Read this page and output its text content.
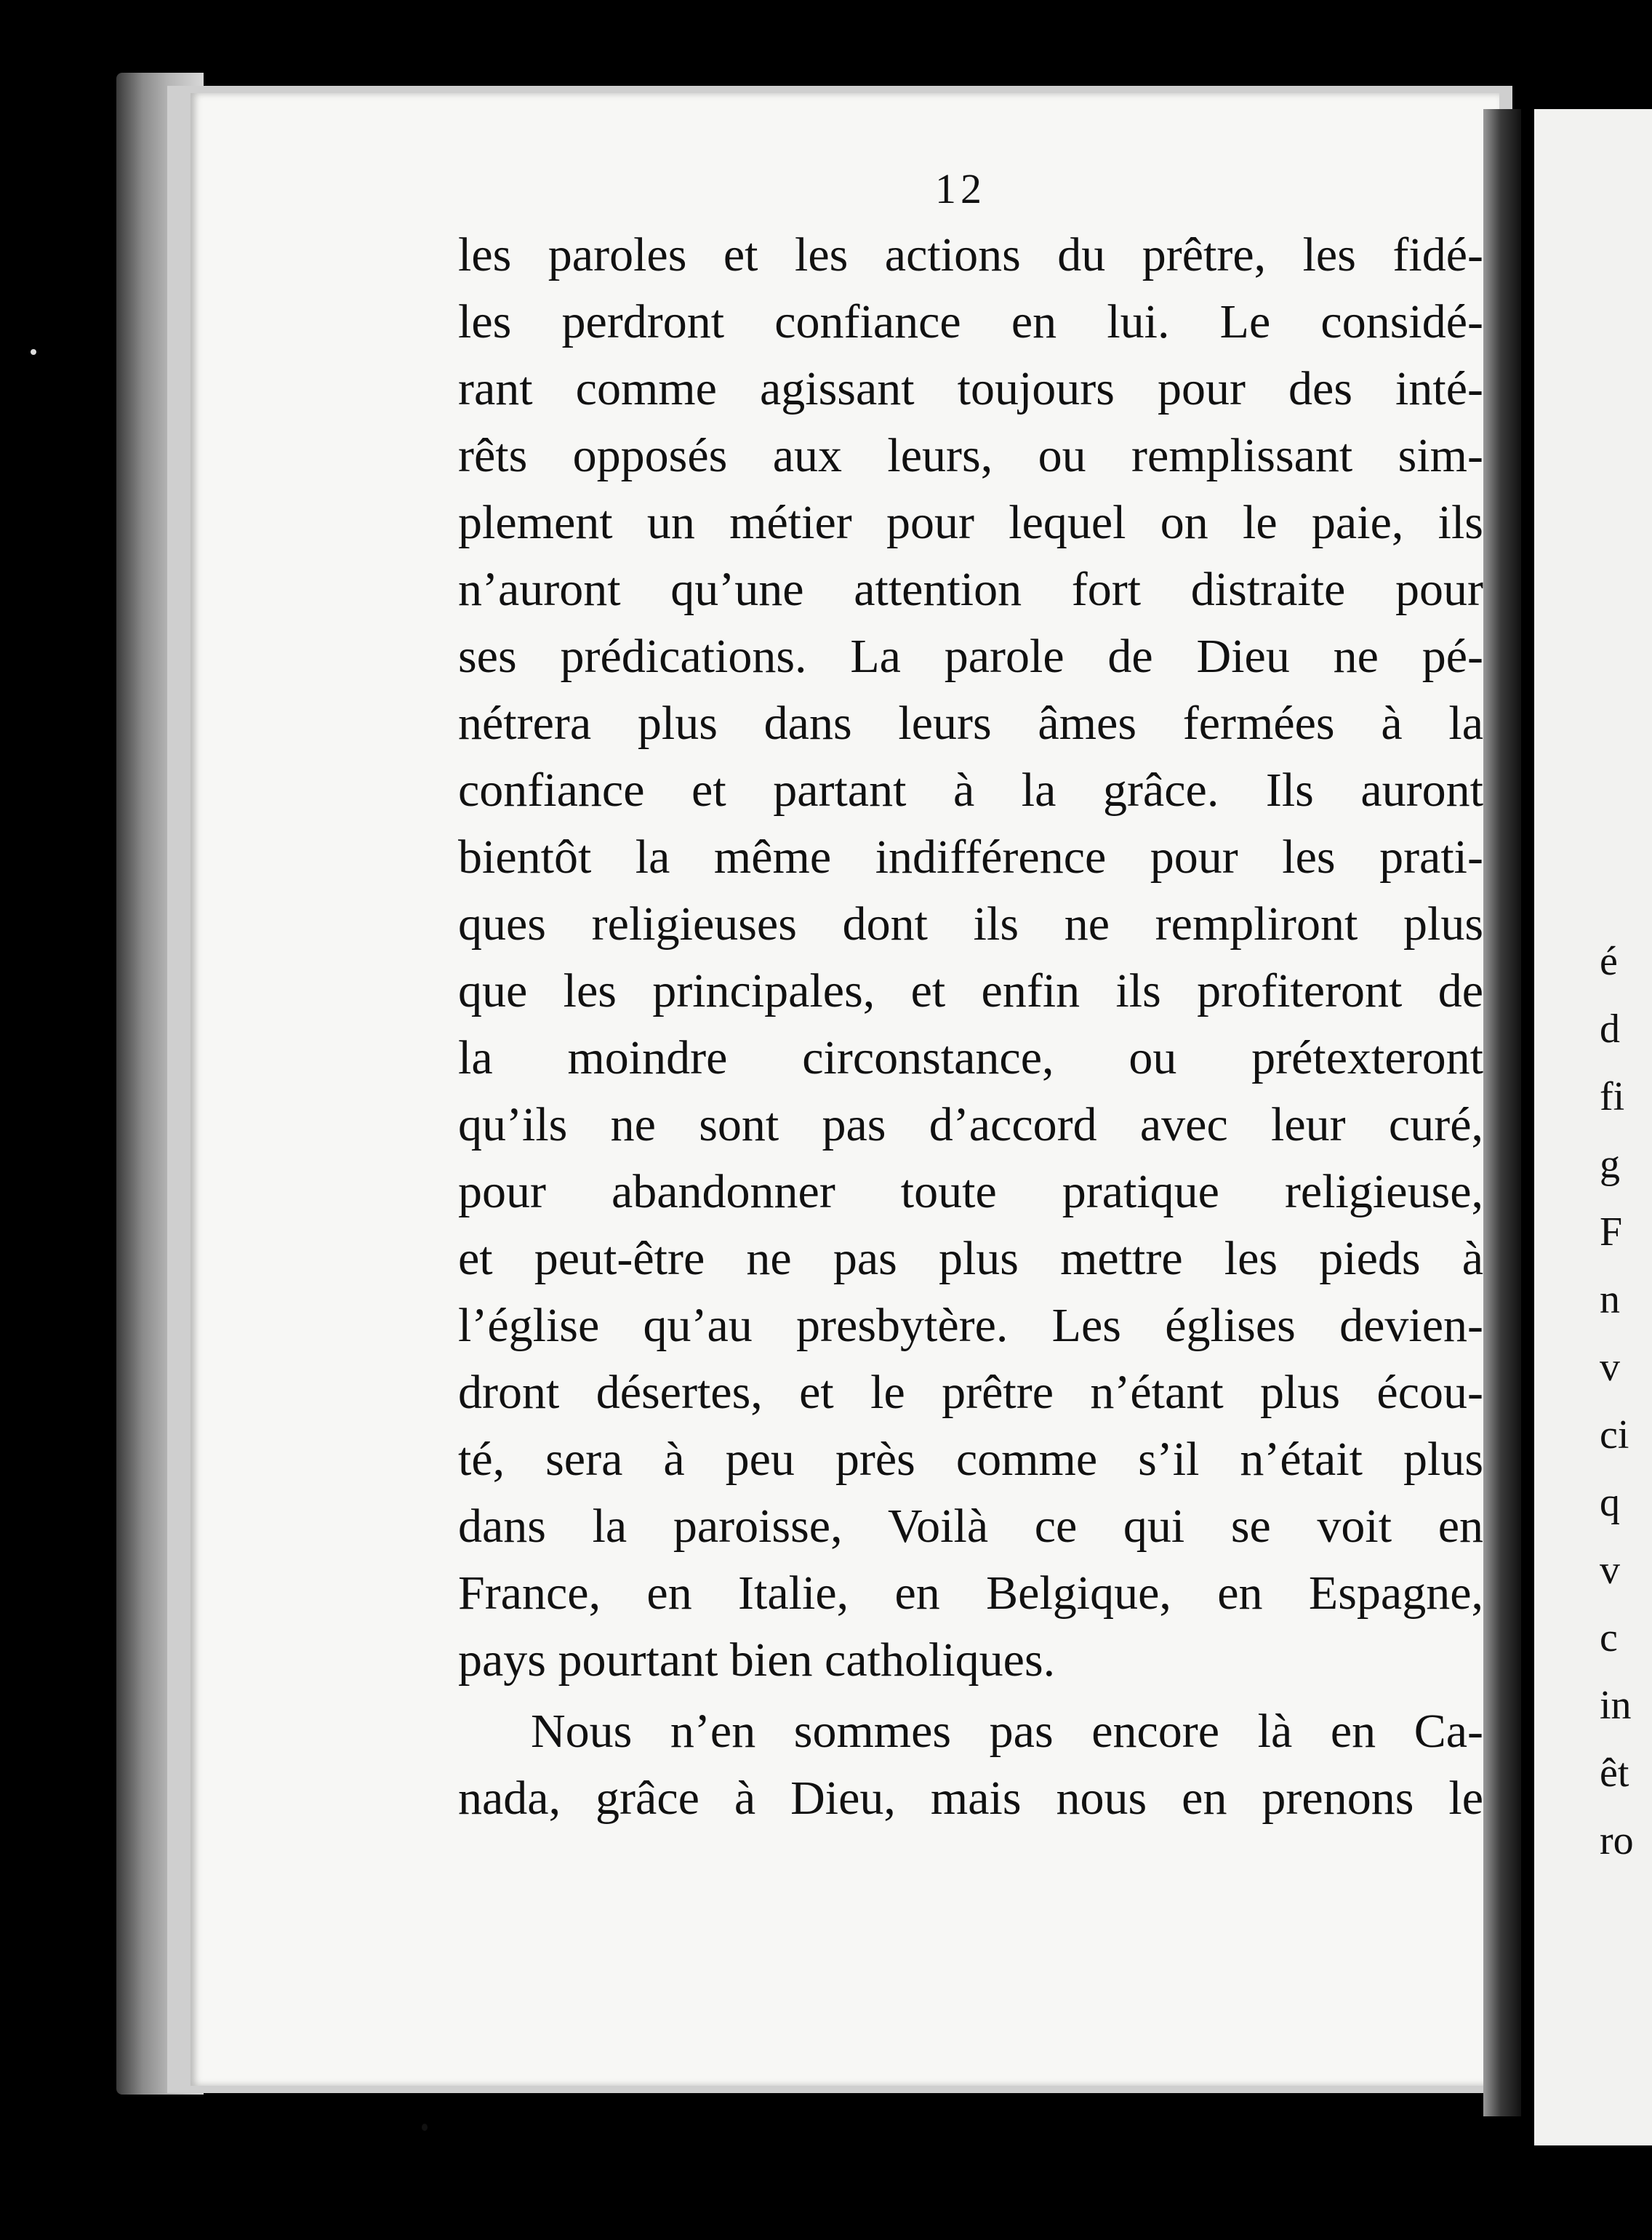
12
les paroles et les actions du prêtre, les fidé-
les perdront confiance en lui. Le considé-
rant comme agissant toujours pour des inté-
rêts opposés aux leurs, ou remplissant sim-
plement un métier pour lequel on le paie, ils
n’auront qu’une attention fort distraite pour
ses prédications. La parole de Dieu ne pé-
nétrera plus dans leurs âmes fermées à la
confiance et partant à la grâce. Ils auront
bientôt la même indifférence pour les prati-
ques religieuses dont ils ne rempliront plus
que les principales, et enfin ils profiteront de
la moindre circonstance, ou prétexteront
qu’ils ne sont pas d’accord avec leur curé,
pour abandonner toute pratique religieuse,
et peut-être ne pas plus mettre les pieds à
l’église qu’au presbytère. Les églises devien-
dront désertes, et le prêtre n’étant plus écou-
té, sera à peu près comme s’il n’était plus
dans la paroisse, Voilà ce qui se voit en
France, en Italie, en Belgique, en Espagne,
pays pourtant bien catholiques.
Nous n’en sommes pas encore là en Ca-
nada, grâce à Dieu, mais nous en prenons le
é
d
fi
g
F
n
v
ci
q
v
c
in
êt
ro
